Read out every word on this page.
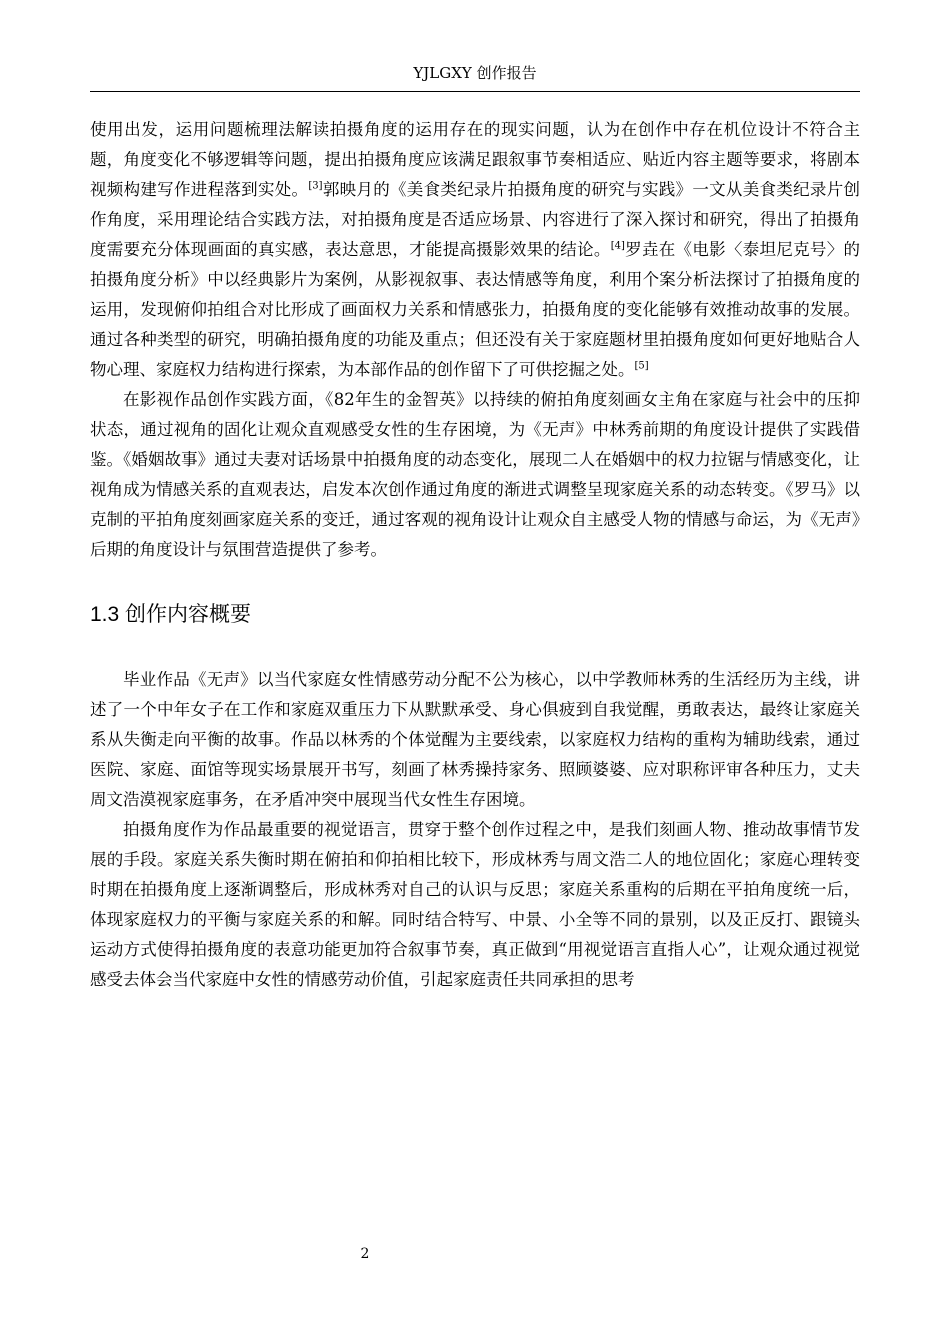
YJLGXY 创作报告

使用出发，运用问题梳理法解读拍摄角度的运用存在的现实问题，认为在创作中存在机位设计不符合主题，角度变化不够逻辑等问题，提出拍摄角度应该满足跟叙事节奏相适应、贴近内容主题等要求，将剧本视频构建写作进程落到实处。[3]郭映月的《美食类纪录片拍摄角度的研究与实践》一文从美食类纪录片创作角度，采用理论结合实践方法，对拍摄角度是否适应场景、内容进行了深入探讨和研究，得出了拍摄角度需要充分体现画面的真实感，表达意思，才能提高摄影效果的结论。[4]罗垚在《电影〈泰坦尼克号〉的拍摄角度分析》中以经典影片为案例，从影视叙事、表达情感等角度，利用个案分析法探讨了拍摄角度的运用，发现俯仰拍组合对比形成了画面权力关系和情感张力，拍摄角度的变化能够有效推动故事的发展。通过各种类型的研究，明确拍摄角度的功能及重点；但还没有关于家庭题材里拍摄角度如何更好地贴合人物心理、家庭权力结构进行探索，为本部作品的创作留下了可供挖掘之处。[5]

在影视作品创作实践方面，《82年生的金智英》以持续的俯拍角度刻画女主角在家庭与社会中的压抑状态，通过视角的固化让观众直观感受女性的生存困境，为《无声》中林秀前期的角度设计提供了实践借鉴。《婚姻故事》通过夫妻对话场景中拍摄角度的动态变化，展现二人在婚姻中的权力拉锯与情感变化，让视角成为情感关系的直观表达，启发本次创作通过角度的渐进式调整呈现家庭关系的动态转变。《罗马》以克制的平拍角度刻画家庭关系的变迁，通过客观的视角设计让观众自主感受人物的情感与命运，为《无声》后期的角度设计与氛围营造提供了参考。

1.3 创作内容概要

毕业作品《无声》以当代家庭女性情感劳动分配不公为核心，以中学教师林秀的生活经历为主线，讲述了一个中年女子在工作和家庭双重压力下从默默承受、身心俱疲到自我觉醒，勇敢表达，最终让家庭关系从失衡走向平衡的故事。作品以林秀的个体觉醒为主要线索，以家庭权力结构的重构为辅助线索，通过医院、家庭、面馆等现实场景展开书写，刻画了林秀操持家务、照顾婆婆、应对职称评审各种压力，丈夫周文浩漠视家庭事务，在矛盾冲突中展现当代女性生存困境。

拍摄角度作为作品最重要的视觉语言，贯穿于整个创作过程之中，是我们刻画人物、推动故事情节发展的手段。家庭关系失衡时期在俯拍和仰拍相比较下，形成林秀与周文浩二人的地位固化；家庭心理转变时期在拍摄角度上逐渐调整后，形成林秀对自己的认识与反思；家庭关系重构的后期在平拍角度统一后，体现家庭权力的平衡与家庭关系的和解。同时结合特写、中景、小全等不同的景别，以及正反打、跟镜头运动方式使得拍摄角度的表意功能更加符合叙事节奏，真正做到“用视觉语言直指人心”，让观众通过视觉感受去体会当代家庭中女性的情感劳动价值，引起家庭责任共同承担的思考

2
